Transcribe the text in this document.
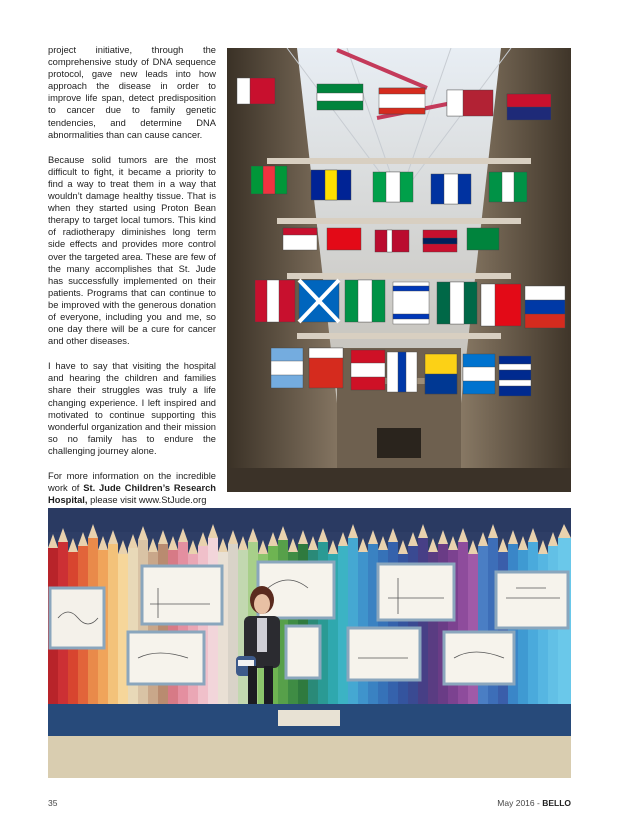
project initiative, through the comprehensive study of DNA sequence protocol, gave new leads into how approach the disease in order to improve life span, detect predisposition to cancer due to family genetic tendencies, and determine DNA abnormalities than can cause cancer.

Because solid tumors are the most difficult to fight, it became a priority to find a way to treat them in a way that wouldn’t damage healthy tissue. That is when they started using Proton Bean therapy to target local tumors. This kind of radiotherapy diminishes long term side effects and provides more control over the targeted area. These are few of the many accomplishes that St. Jude has successfully implemented on their patients. Programs that can continue to be improved with the generous donation of everyone, including you and me, so one day there will be a cure for cancer and other diseases.

I have to say that visiting the hospital and hearing the children and families share their struggles was truly a life changing experience. I left inspired and motivated to continue supporting this wonderful organization and their mission so no family has to endure the challenging journey alone.

For more information on the incredible work of St. Jude Children’s Research Hospital, please visit www.StJude.org

35	May 2016 - BELLO
